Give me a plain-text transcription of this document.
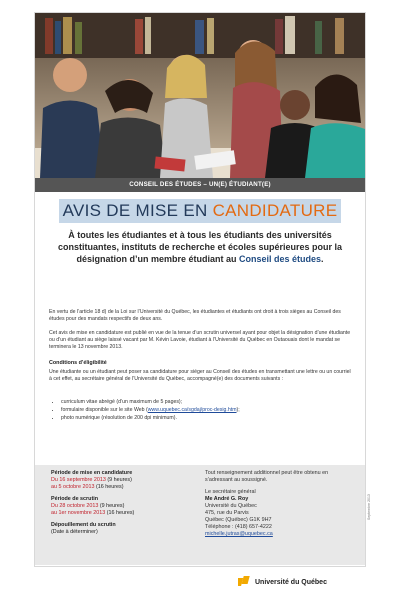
CONSEIL DES ÉTUDES – UN(E) ÉTUDIANT(E)
AVIS DE MISE EN CANDIDATURE
À toutes les étudiantes et à tous les étudiants des universités constituantes, instituts de recherche et écoles supérieures pour la désignation d’un membre étudiant au Conseil des études.
En vertu de l’article 18 d) de la Loi sur l’Université du Québec, les étudiantes et étudiants ont droit à trois sièges au Conseil des études pour des mandats respectifs de deux ans.
Cet avis de mise en candidature est publié en vue de la tenue d’un scrutin universel ayant pour objet la désignation d’une étudiante ou d’un étudiant au siège laissé vacant par M. Kévin Lavoie, étudiant à l’Université du Québec en Outaouais dont le mandat se terminera le 13 novembre 2013.
Conditions d’éligibilité
Une étudiante ou un étudiant peut poser sa candidature pour siéger au Conseil des études en transmettant une lettre ou un courriel à cet effet, au secrétaire général de l’Université du Québec, accompagné(e) des documents suivants :
• curriculum vitae abrégé (d’un maximum de 5 pages);
• formulaire disponible sur le site Web (www.uquebec.ca/sgdaj/proc-desig.htm);
• photo numérique (résolution de 200 dpi minimum).
Période de mise en candidature
Du 16 septembre 2013 (9 heures)
au 5 octobre 2013 (16 heures)
Période de scrutin
Du 28 octobre 2013 (9 heures)
au 1er novembre 2013 (16 heures)
Dépouillement du scrutin
(Date à déterminer)
Tout renseignement additionnel peut être obtenu en s’adressant au soussigné.
Le secrétaire général
Me André G. Roy
Université du Québec
475, rue du Parvis
Québec (Québec) G1K 9H7
Téléphone : (418) 657-4222
michelle.jutras@uquebec.ca
Septembre 2013
Université du Québec
